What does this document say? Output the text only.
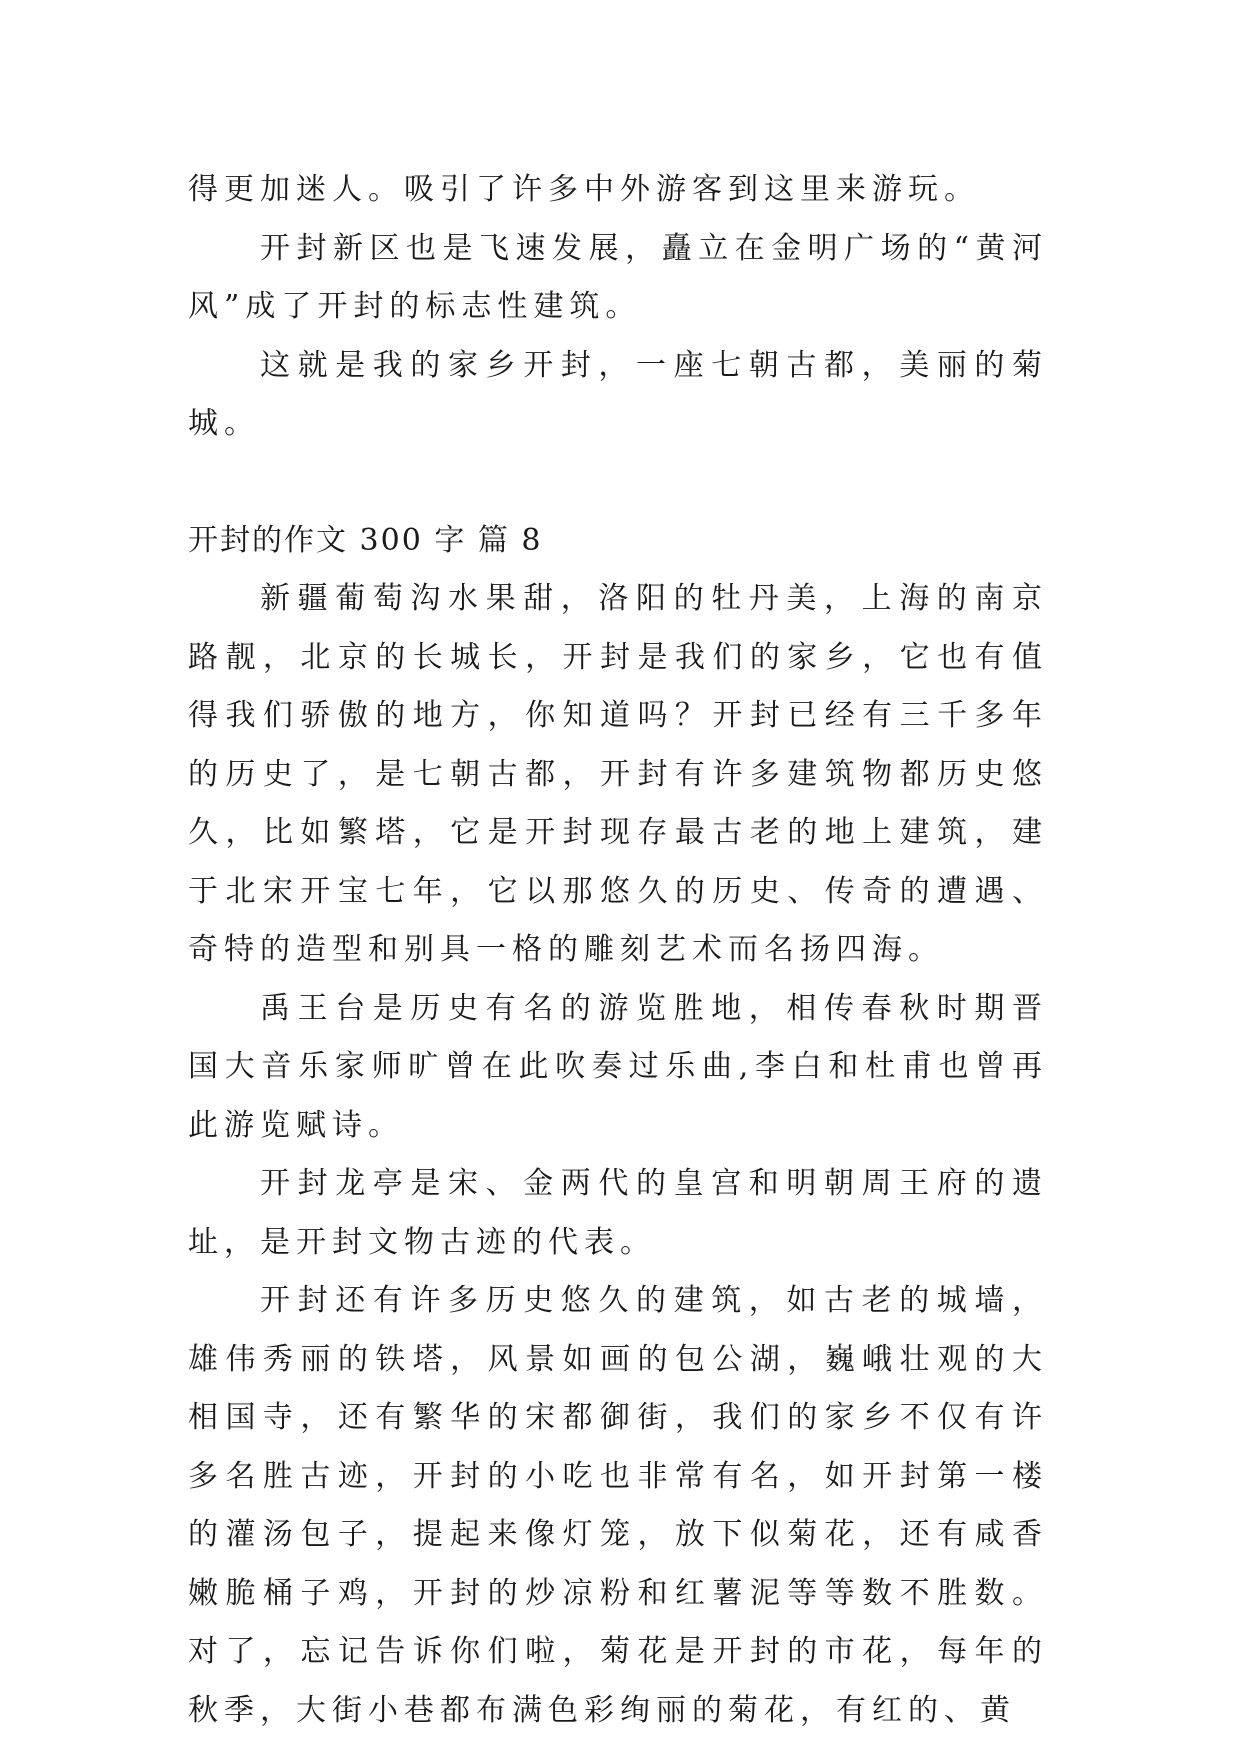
得更加迷人。吸引了许多中外游客到这里来游玩。

开封新区也是飞速发展，矗立在金明广场的“黄河风”成了开封的标志性建筑。

这就是我的家乡开封，一座七朝古都，美丽的菊城。

开封的作文 300 字 篇 8

新疆葡萄沟水果甜，洛阳的牡丹美，上海的南京路靓，北京的长城长，开封是我们的家乡，它也有值得我们骄傲的地方，你知道吗？开封已经有三千多年的历史了，是七朝古都，开封有许多建筑物都历史悠久，比如繁塔，它是开封现存最古老的地上建筑，建于北宋开宝七年，它以那悠久的历史、传奇的遭遇、奇特的造型和别具一格的雕刻艺术而名扬四海。

禹王台是历史有名的游览胜地，相传春秋时期晋国大音乐家师旷曾在此吹奏过乐曲,李白和杜甫也曾再此游览赋诗。

开封龙亭是宋、金两代的皇宫和明朝周王府的遗址，是开封文物古迹的代表。

开封还有许多历史悠久的建筑，如古老的城墙，雄伟秀丽的铁塔，风景如画的包公湖，巍峨壮观的大相国寺，还有繁华的宋都御街，我们的家乡不仅有许多名胜古迹，开封的小吃也非常有名，如开封第一楼的灌汤包子，提起来像灯笼，放下似菊花，还有咸香嫩脆桶子鸡，开封的炒凉粉和红薯泥等等数不胜数。对了，忘记告诉你们啦，菊花是开封的市花，每年的秋季，大街小巷都布满色彩绚丽的菊花，有红的、黄
